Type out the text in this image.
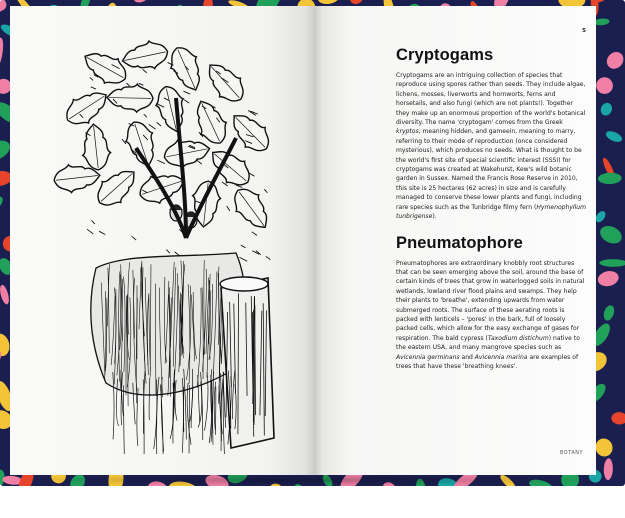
5
Cryptogams

Cryptogams are an intriguing collection of species that reproduce using spores rather than seeds. They include algae, lichens, mosses, liverworts and hornworts, ferns and horsetails, and also fungi (which are not plants!). Together they make up an enormous proportion of the world's botanical diversity. The name 'cryptogam' comes from the Greek kryptos, meaning hidden, and gameein, meaning to marry, referring to their mode of reproduction (once considered mysterious), which produces no seeds. What is thought to be the world's first site of special scientific interest (SSSI) for cryptogams was created at Wakehurst, Kew's wild botanic garden in Sussex. Named the Francis Rose Reserve in 2010, this site is 25 hectares (62 acres) in size and is carefully managed to conserve these lower plants and fungi, including rare species such as the Tunbridge filmy fern (Hymenophyllum tunbrigense).

Pneumatophore

Pneumatophores are extraordinary knobbly root structures that can be seen emerging above the soil, around the base of certain kinds of trees that grow in waterlogged soils in natural wetlands, lowland river flood plains and swamps. They help their plants to 'breathe', extending upwards from water submerged roots. The surface of these aerating roots is packed with lenticels – 'pores' in the bark, full of loosely packed cells, which allow for the easy exchange of gases for respiration. The bald cypress (Taxodium distichum) native to the eastern USA, and many mangrove species such as Avicennia germinans and Avicennia marina are examples of trees that have these 'breathing knees'.

BOTANY
